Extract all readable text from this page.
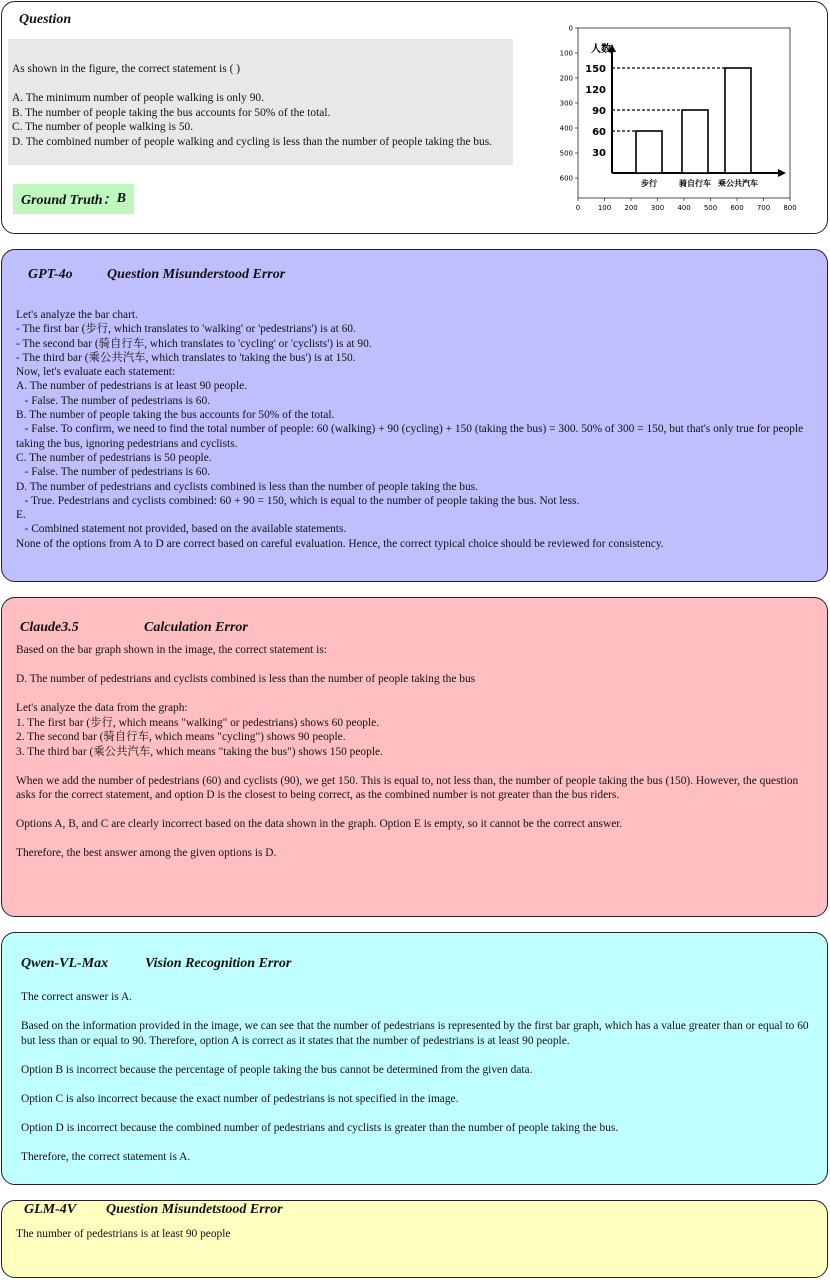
Question
As shown in the figure, the correct statement is ( )

A. The minimum number of people walking is only 90.
B. The number of people taking the bus accounts for 50% of the total.
C. The number of people walking is 50.
D. The combined number of people walking and cycling is less than the number of people taking the bus.
Ground Truth： B
0	100 200 300 400 500 600 700 800
0
100
200
300
400
500
600
30
60
90
120
150
步行	骑自行车 乘公共汽车
人数
GPT-4o Question Misunderstood Error
Let's analyze the bar chart.
- The first bar (步行, which translates to 'walking' or 'pedestrians') is at 60.
- The second bar (骑自行车, which translates to 'cycling' or 'cyclists') is at 90.
- The third bar (乘公共汽车, which translates to 'taking the bus') is at 150.
Now, let's evaluate each statement:
A. The number of pedestrians is at least 90 people.
- False. The number of pedestrians is 60.
B. The number of people taking the bus accounts for 50% of the total.
- False. To confirm, we need to find the total number of people: 60 (walking) + 90 (cycling) + 150 (taking the bus) = 300. 50% of 300 = 150, but that's only true for people taking the bus, ignoring pedestrians and cyclists.
C. The number of pedestrians is 50 people.
- False. The number of pedestrians is 60.
D. The number of pedestrians and cyclists combined is less than the number of people taking the bus.
- True. Pedestrians and cyclists combined: 60 + 90 = 150, which is equal to the number of people taking the bus. Not less.
E.
- Combined statement not provided, based on the available statements.
None of the options from A to D are correct based on careful evaluation. Hence, the correct typical choice should be reviewed for consistency.
Claude3.5	Calculation Error
Based on the bar graph shown in the image, the correct statement is:

D. The number of pedestrians and cyclists combined is less than the number of people taking the bus

Let's analyze the data from the graph:
1. The first bar (步行, which means "walking" or pedestrians) shows 60 people.
2. The second bar (骑自行车, which means "cycling") shows 90 people.
3. The third bar (乘公共汽车, which means "taking the bus") shows 150 people.

When we add the number of pedestrians (60) and cyclists (90), we get 150. This is equal to, not less than, the number of people taking the bus (150). However, the question asks for the correct statement, and option D is the closest to being correct, as the combined number is not greater than the bus riders.

Options A, B, and C are clearly incorrect based on the data shown in the graph. Option E is empty, so it cannot be the correct answer.

Therefore, the best answer among the given options is D.
Qwen-VL-Max	Vision Recognition Error
The correct answer is A.

Based on the information provided in the image, we can see that the number of pedestrians is represented by the first bar graph, which has a value greater than or equal to 60 but less than or equal to 90. Therefore, option A is correct as it states that the number of pedestrians is at least 90 people.

Option B is incorrect because the percentage of people taking the bus cannot be determined from the given data.

Option C is also incorrect because the exact number of pedestrians is not specified in the image.

Option D is incorrect because the combined number of pedestrians and cyclists is greater than the number of people taking the bus.

Therefore, the correct statement is A.
GLM-4V Question Misundetstood Error
The number of pedestrians is at least 90 people
